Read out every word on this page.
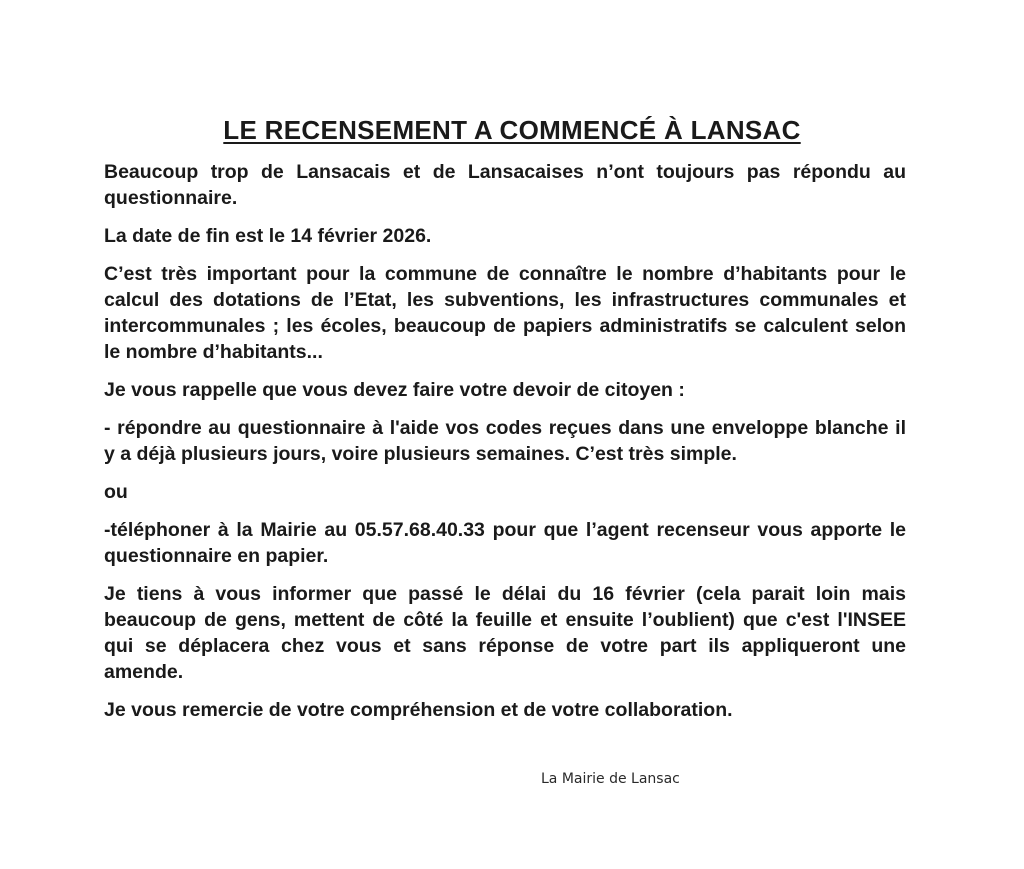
LE RECENSEMENT A COMMENCÉ À LANSAC

Beaucoup trop de Lansacais et de Lansacaises n’ont toujours pas répondu au questionnaire.

La date de fin est le 14 février 2026.

C’est très important pour la commune de connaître le nombre d’habitants pour le calcul des dotations de l’Etat, les subventions, les infrastructures communales et intercommunales ; les écoles, beaucoup de papiers administratifs se calculent selon le nombre d’habitants...

Je vous rappelle que vous devez faire votre devoir de citoyen :

- répondre au questionnaire à l'aide vos codes reçues dans une enveloppe blanche il y a déjà plusieurs jours, voire plusieurs semaines. C’est très simple.

ou

-téléphoner à la Mairie au 05.57.68.40.33 pour que l’agent recenseur vous apporte le questionnaire en papier.

Je tiens à vous informer que passé le délai du 16 février (cela parait loin mais beaucoup de gens, mettent de côté la feuille et ensuite l’oublient) que c'est l'INSEE qui se déplacera chez vous et sans réponse de votre part ils appliqueront une amende.

Je vous remercie de votre compréhension et de votre collaboration.

La Mairie de Lansac
